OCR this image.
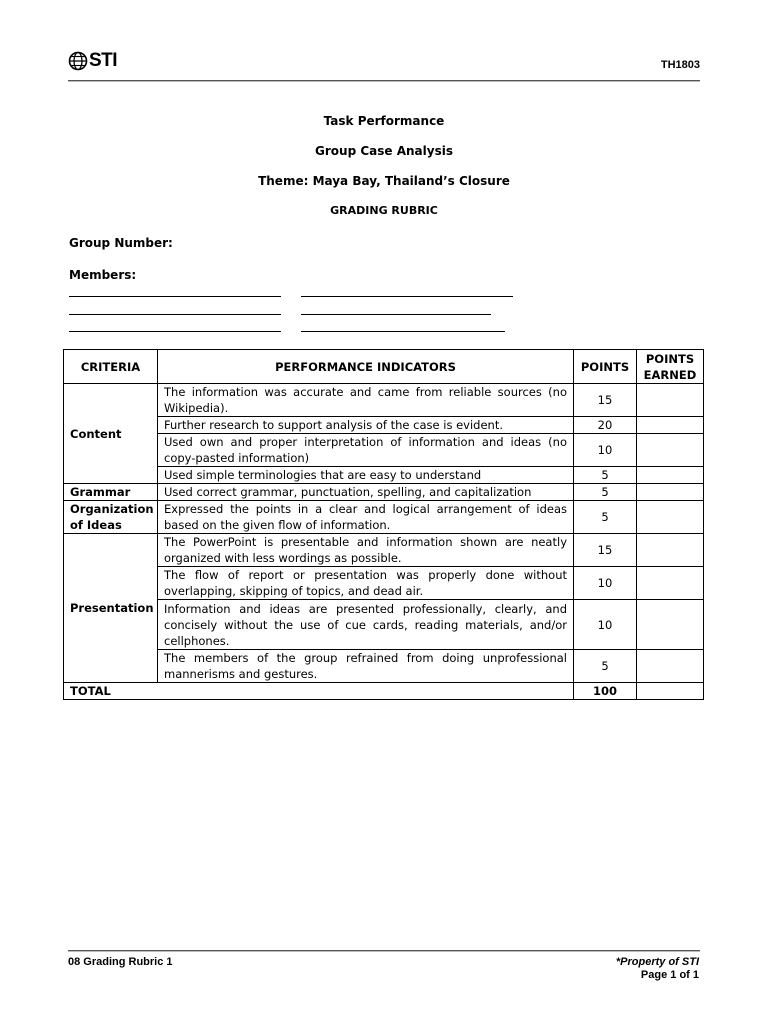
STI	TH1803
Task Performance
Group Case Analysis
Theme: Maya Bay, Thailand’s Closure
GRADING RUBRIC
Group Number:
Members:
CRITERIA	PERFORMANCE INDICATORS	POINTS	POINTS EARNED
Content	The information was accurate and came from reliable sources (no Wikipedia).	15	
	Further research to support analysis of the case is evident.	20	
	Used own and proper interpretation of information and ideas (no copy-pasted information)	10	
	Used simple terminologies that are easy to understand	5	
Grammar	Used correct grammar, punctuation, spelling, and capitalization	5	
Organization of Ideas	Expressed the points in a clear and logical arrangement of ideas based on the given flow of information.	5	
Presentation	The PowerPoint is presentable and information shown are neatly organized with less wordings as possible.	15	
	The flow of report or presentation was properly done without overlapping, skipping of topics, and dead air.	10	
	Information and ideas are presented professionally, clearly, and concisely without the use of cue cards, reading materials, and/or cellphones.	10	
	The members of the group refrained from doing unprofessional mannerisms and gestures.	5	
TOTAL		100	
08 Grading Rubric 1	*Property of STI
Page 1 of 1
